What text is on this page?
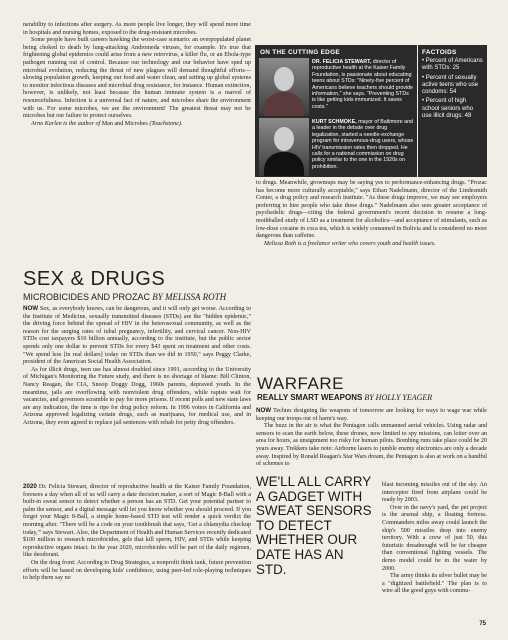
nerability to infections after surgery. As more people live longer, they will spend more time in hospitals and nursing homes, exposed to the drug-resistant microbes.

Some people have built careers hawking the worst-case scenario: an overpopulated planet being choked to death by lung-attacking Andromeda viruses, for example. It's true that frightening global epidemics could arise from a new retrovirus, a killer flu, or an Ebola-type pathogen running out of control. Because our technology and our behavior have sped up microbial evolution, reducing the threat of new plagues will demand thoughtful efforts—slowing population growth, keeping our food and water clean, and setting up global systems to monitor infectious diseases and microbial drug resistance, for instance. Human extinction, however, is unlikely, not least because the human immune system is a marvel of resourcefulness. Infection is a universal fact of nature, and microbes share the environment with us. For some microbes, we are the environment! The greatest threat may not be microbes but our failure to protect ourselves.

Arno Karlen is the author of Man and Microbes (Touchstone).

SEX & DRUGS
MICROBICIDES AND PROZAC BY MELISSA ROTH

NOW Sex, as everybody knows, can be dangerous, and it will only get worse. According to the Institute of Medicine, sexually transmitted diseases (STDs) are the "hidden epidemic," the driving force behind the spread of HIV in the heterosexual community, as well as the reason for the surging rates of tubal pregnancy, infertility, and cervical cancer. Non-HIV STDs cost taxpayers $10 billion annually, according to the institute, but the public sector spends only one dollar to prevent STDs for every $43 spent on treatment and other costs. "We spend less [in real dollars] today on STDs than we did in 1950," says Peggy Clarke, president of the American Social Health Association.

As for illicit drugs, teen use has almost doubled since 1991, according to the University of Michigan's Monitoring the Future study, and there is no shortage of blame: Bill Clinton, Nancy Reagan, the CIA, Snoop Doggy Dogg, 1960s parents, depraved youth. In the meantime, jails are overflowing with nonviolent drug offenders, while rapists wait for vacancies, and governors scramble to pay for more prisons. If recent polls and new state laws are any indication, the time is ripe for drug policy reform. In 1996 voters in California and Arizona approved legalizing certain drugs, such as marijuana, for medical use, and in Arizona, they even agreed to replace jail sentences with rehab for petty drug offenders.

2020 Dr. Felicia Stewart, director of reproductive health at the Kaiser Family Foundation, foresees a day when all of us will carry a date decision maker, a sort of Magic 8-Ball with a built-in sweat sensor to detect whether a person has an STD. Get your potential partner to palm the sensor, and a digital message will let you know whether you should proceed. If you forget your Magic 8-Ball, a simple home-based STD test will render a quick verdict the morning after. "There will be a code on your toothbrush that says, 'Get a chlamydia checkup today,'" says Stewart. Also, the Department of Health and Human Services recently dedicated $100 million to research microbicides, gels that kill sperm, HIV, and STDs while keeping reproductive organs intact. In the year 2020, microbicides will be part of the daily regimen, like deodorant.

On the drug front: According to Drug Strategies, a nonprofit think tank, future prevention efforts will be based on developing kids' confidence, using peer-led role-playing techniques to help them say no

ON THE CUTTING EDGE
DR. FELICIA STEWART, director of reproductive health at the Kaiser Family Foundation, is passionate about educating teens about STDs: "Ninety-five percent of Americans believe teachers should provide information," she says. "Preventing STDs is like getting kids immunized. It saves costs."
KURT SCHMOKE, mayor of Baltimore and a leader in the debate over drug legalization, started a needle-exchange program for intravenous-drug users, whose HIV transmission rates then dropped. He calls for a national commission on drug policy similar to the one in the 1920s on prohibition.
FACTOIDS
• Percent of Americans with STDs: 25
• Percent of sexually active teens who use condoms: 54
• Percent of high school seniors who use illicit drugs: 48

to drugs. Meanwhile, growmups may be saying yes to performance-enhancing drugs. "Prozac has become more culturally acceptable," says Ethan Nadelmann, director of the Lindesmith Center, a drug policy and research institute. "As these drugs improve, we may see employers preferring to hire people who take these drugs." Nadelmann also sees greater acceptance of psychedelic drugs—citing the federal government's recent decision to resume a long-mothballed study of LSD as a treatment for alcoholics—and acceptance of stimulants, such as low-dose cocaine in coca tea, which is widely consumed in Bolivia and is considered no more dangerous than caffeine.

Melissa Roth is a freelance writer who covers youth and health issues.

WARFARE
REALLY SMART WEAPONS BY HOLLY YEAGER

NOW Techies designing the weapons of tomorrow are looking for ways to wage war while keeping our troops out of harm's way.

The buzz in the air is what the Pentagon calls unmanned aerial vehicles. Using radar and sensors to scan the earth below, these drones, now limited to spy missions, can loiter over an area for hours, as unsignment too risky for human pilots. Bombing runs take place could be 20 years away. Trekkers take note: Airborne lasers to jumble enemy electronics are only a decade away. Inspired by Ronald Reagan's Star Wars dream, the Pentagon is also at work on a handful of schemes to

WE'LL ALL CARRY A GADGET WITH SWEAT SENSORS TO DETECT WHETHER OUR DATE HAS AN STD.

blast incoming missiles out of the sky. An interceptor fired from airplane could be ready by 2003.

Over in the navy's yard, the pet project is the arsenal ship, a floating fortress. Commanders miles away could launch the ship's 500 missiles deep into enemy territory. With a crew of just 50, this futuristic dreadnought will be far cheaper than conventional fighting vessels. The demo model could be in the water by 2000.

The army thinks its silver bullet may be a "digitized battlefield." The plan is to wire all the good guys with commu-

75
